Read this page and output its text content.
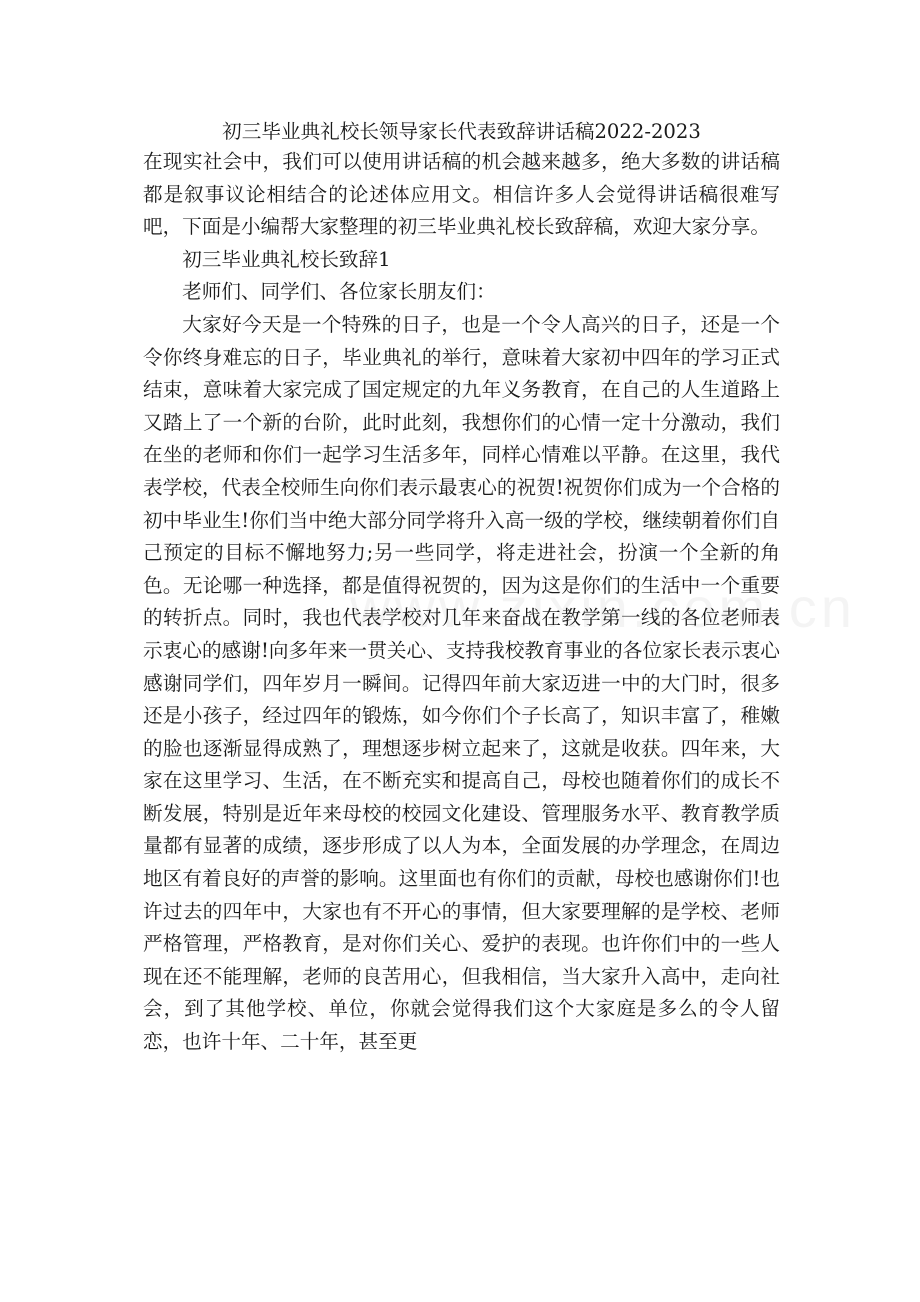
初三毕业典礼校长领导家长代表致辞讲话稿2022-2023

在现实社会中，我们可以使用讲话稿的机会越来越多，绝大多数的讲话稿都是叙事议论相结合的论述体应用文。相信许多人会觉得讲话稿很难写吧，下面是小编帮大家整理的初三毕业典礼校长致辞稿，欢迎大家分享。

初三毕业典礼校长致辞1

老师们、同学们、各位家长朋友们：

大家好今天是一个特殊的日子，也是一个令人高兴的日子，还是一个令你终身难忘的日子，毕业典礼的举行，意味着大家初中四年的学习正式结束，意味着大家完成了国定规定的九年义务教育，在自己的人生道路上又踏上了一个新的台阶，此时此刻，我想你们的心情一定十分激动，我们在坐的老师和你们一起学习生活多年，同样心情难以平静。在这里，我代表学校，代表全校师生向你们表示最衷心的祝贺!祝贺你们成为一个合格的初中毕业生!你们当中绝大部分同学将升入高一级的学校，继续朝着你们自己预定的目标不懈地努力;另一些同学，将走进社会，扮演一个全新的角色。无论哪一种选择，都是值得祝贺的，因为这是你们的生活中一个重要的转折点。同时，我也代表学校对几年来奋战在教学第一线的各位老师表示衷心的感谢!向多年来一贯关心、支持我校教育事业的各位家长表示衷心感谢同学们，四年岁月一瞬间。记得四年前大家迈进一中的大门时，很多还是小孩子，经过四年的锻炼，如今你们个子长高了，知识丰富了，稚嫩的脸也逐渐显得成熟了，理想逐步树立起来了，这就是收获。四年来，大家在这里学习、生活，在不断充实和提高自己，母校也随着你们的成长不断发展，特别是近年来母校的校园文化建设、管理服务水平、教育教学质量都有显著的成绩，逐步形成了以人为本，全面发展的办学理念，在周边地区有着良好的声誉的影响。这里面也有你们的贡献，母校也感谢你们!也许过去的四年中，大家也有不开心的事情，但大家要理解的是学校、老师严格管理，严格教育，是对你们关心、爱护的表现。也许你们中的一些人现在还不能理解，老师的良苦用心，但我相信，当大家升入高中，走向社会，到了其他学校、单位，你就会觉得我们这个大家庭是多么的令人留恋，也许十年、二十年，甚至更
